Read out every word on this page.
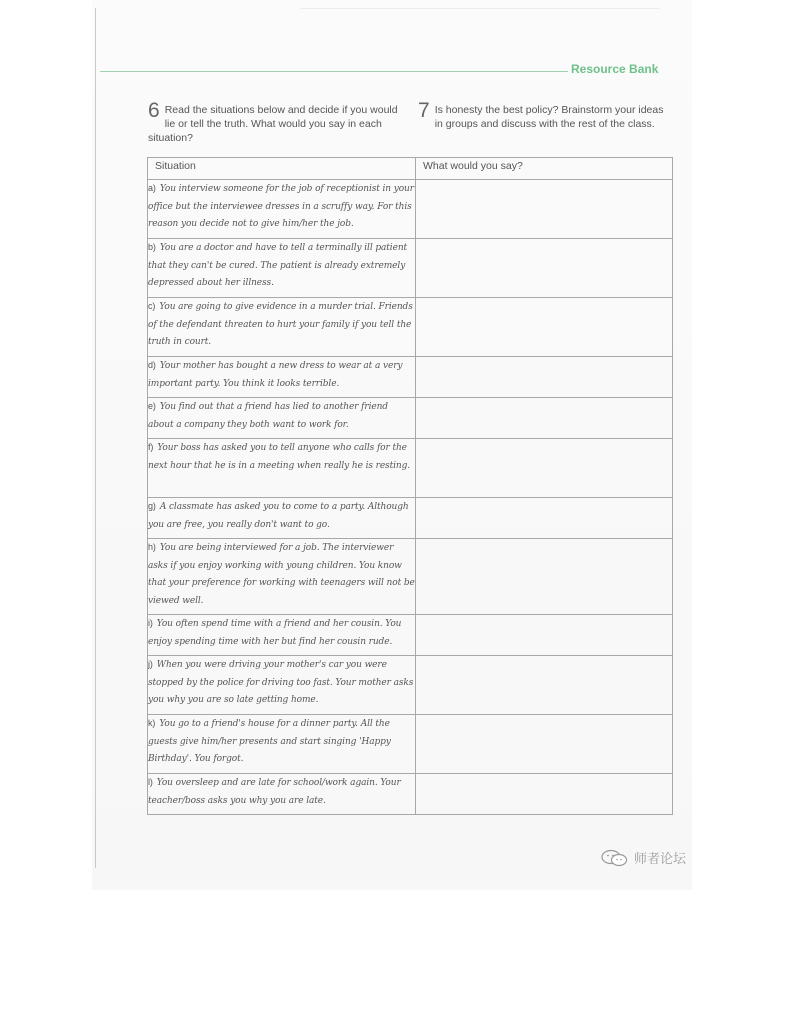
Resource Bank
6 Read the situations below and decide if you would lie or tell the truth. What would you say in each situation?
7 Is honesty the best policy? Brainstorm your ideas in groups and discuss with the rest of the class.
Situation	What would you say?
a) You interview someone for the job of receptionist in your office but the interviewee dresses in a scruffy way. For this reason you decide not to give him/her the job.	
b) You are a doctor and have to tell a terminally ill patient that they can't be cured. The patient is already extremely depressed about her illness.	
c) You are going to give evidence in a murder trial. Friends of the defendant threaten to hurt your family if you tell the truth in court.	
d) Your mother has bought a new dress to wear at a very important party. You think it looks terrible.	
e) You find out that a friend has lied to another friend about a company they both want to work for.	
f) Your boss has asked you to tell anyone who calls for the next hour that he is in a meeting when really he is resting.	
g) A classmate has asked you to come to a party. Although you are free, you really don't want to go.	
h) You are being interviewed for a job. The interviewer asks if you enjoy working with young children. You know that your preference for working with teenagers will not be viewed well.	
i) You often spend time with a friend and her cousin. You enjoy spending time with her but find her cousin rude.	
j) When you were driving your mother's car you were stopped by the police for driving too fast. Your mother asks you why you are so late getting home.	
k) You go to a friend's house for a dinner party. All the guests give him/her presents and start singing 'Happy Birthday'. You forgot.	
l) You oversleep and are late for school/work again. Your teacher/boss asks you why you are late.	
师者论坛
